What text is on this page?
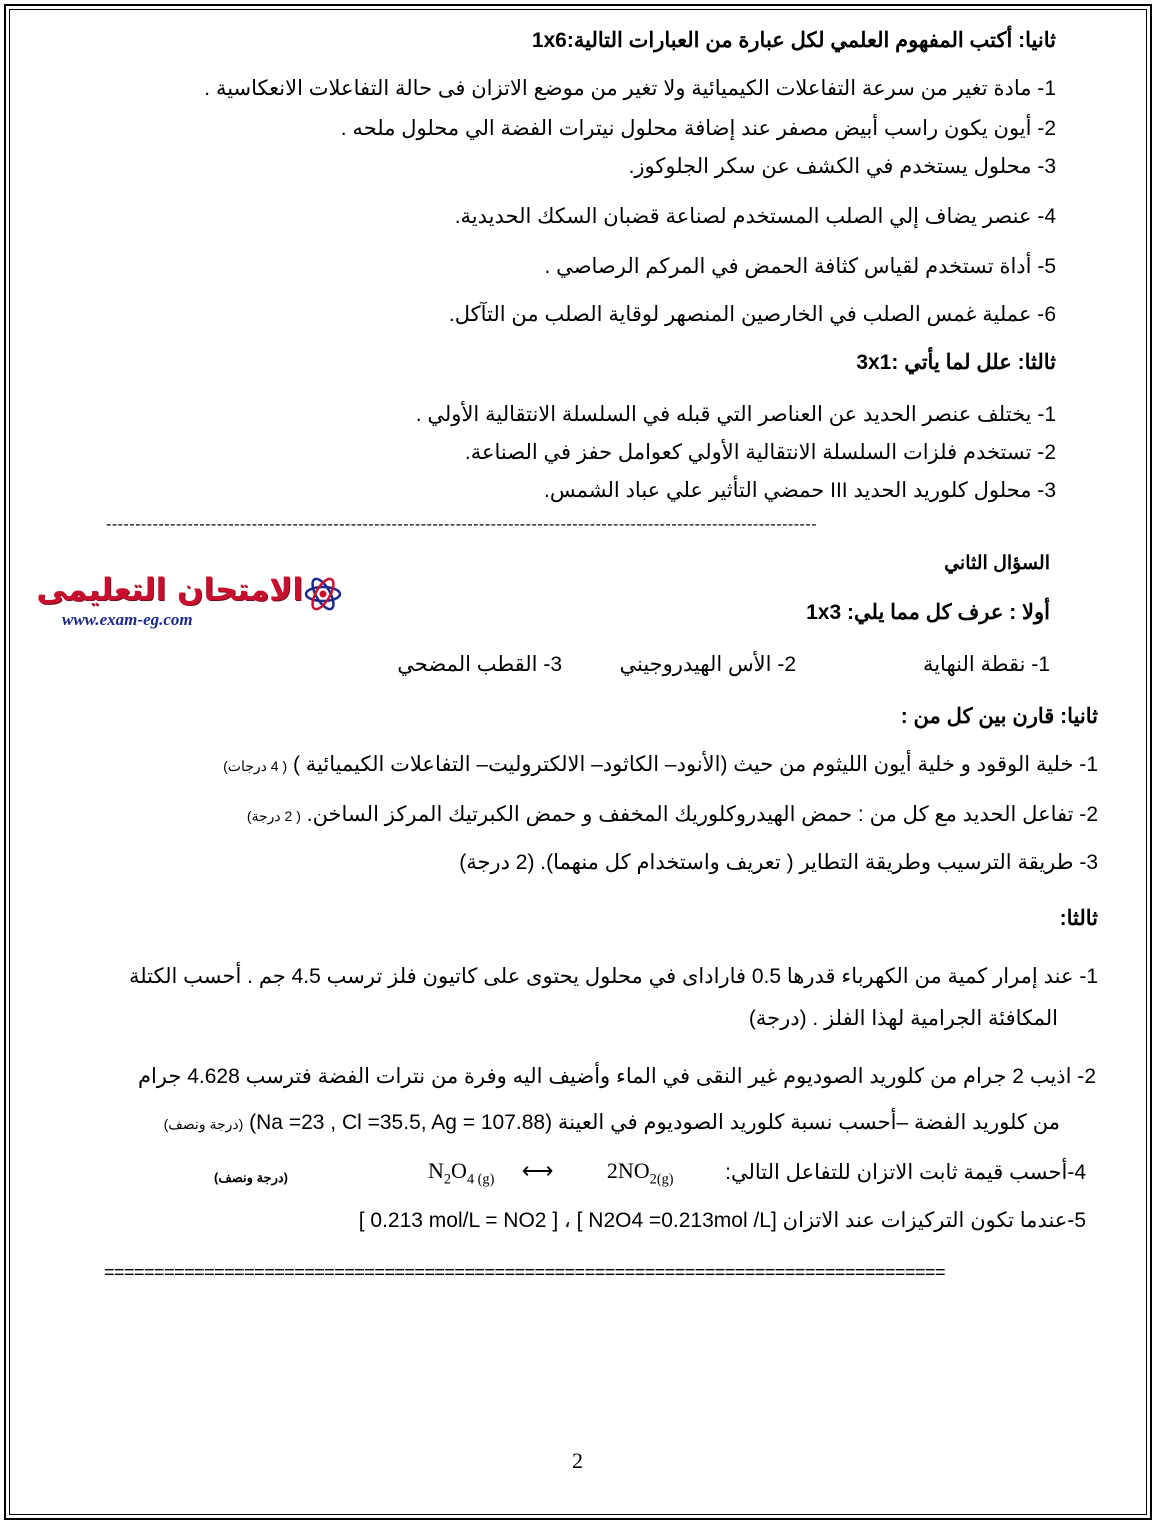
ثانيا: أكتب المفهوم العلمي لكل عبارة من العبارات التالية:1x6
1- مادة تغير من سرعة التفاعلات الكيميائية ولا تغير من موضع الاتزان فى حالة التفاعلات الانعكاسية .
2- أيون يكون راسب أبيض مصفر عند إضافة محلول نيترات الفضة الي محلول ملحه .
3- محلول يستخدم في الكشف عن سكر الجلوكوز.
4- عنصر يضاف إلي الصلب المستخدم لصناعة قضبان السكك الحديدية.
5- أداة تستخدم لقياس كثافة الحمض في المركم الرصاصي .
6- عملية غمس الصلب في الخارصين المنصهر لوقاية الصلب من التآكل.
ثالثا: علل لما يأتي :3x1
1- يختلف عنصر الحديد عن العناصر التي قبله في السلسلة الانتقالية الأولي .
2- تستخدم فلزات السلسلة الانتقالية الأولي كعوامل حفز في الصناعة.
3- محلول كلوريد الحديد III حمضي التأثير علي عباد الشمس.
--------------------------------------------------------------------------------------------------------------------------
السؤال الثاني
الامتحان التعليمى
www.exam-eg.com	أولا : عرف كل مما يلي: 1x3
1- نقطة النهاية
2- الأس الهيدروجيني
3- القطب المضحي
ثانيا: قارن بين كل من :
1- خلية الوقود و خلية أيون الليثوم من حيث (الأنود– الكاثود– الالكتروليت– التفاعلات الكيميائية ) ( 4 درجات)
2- تفاعل الحديد مع كل من : حمض الهيدروكلوريك المخفف و حمض الكبرتيك المركز الساخن. ( 2 درجة)
3- طريقة الترسيب وطريقة التطاير ( تعريف واستخدام كل منهما). (2 درجة)
ثالثا:
1- عند إمرار كمية من الكهرباء قدرها 0.5 فاراداى في محلول يحتوى على كاتيون فلز ترسب 4.5 جم . أحسب الكتلة
المكافئة الجرامية لهذا الفلز . (درجة)
2- اذيب 2 جرام من كلوريد الصوديوم غير النقى في الماء وأضيف اليه وفرة من نترات الفضة فترسب 4.628 جرام
من كلوريد الفضة –أحسب نسبة كلوريد الصوديوم في العينة (Na =23 , Cl =35.5, Ag = 107.88) (درجة ونصف)
4-أحسب قيمة ثابت الاتزان للتفاعل التالي:
$N_2O_{4 (g)}$ ⟷ $2NO_{2(g)}$
(درجة ونصف)
5-عندما تكون التركيزات عند الاتزان [N2O4 =0.213mol /L ] ، [ 0.213 mol/L = NO2 ]
====================================================================================
2
